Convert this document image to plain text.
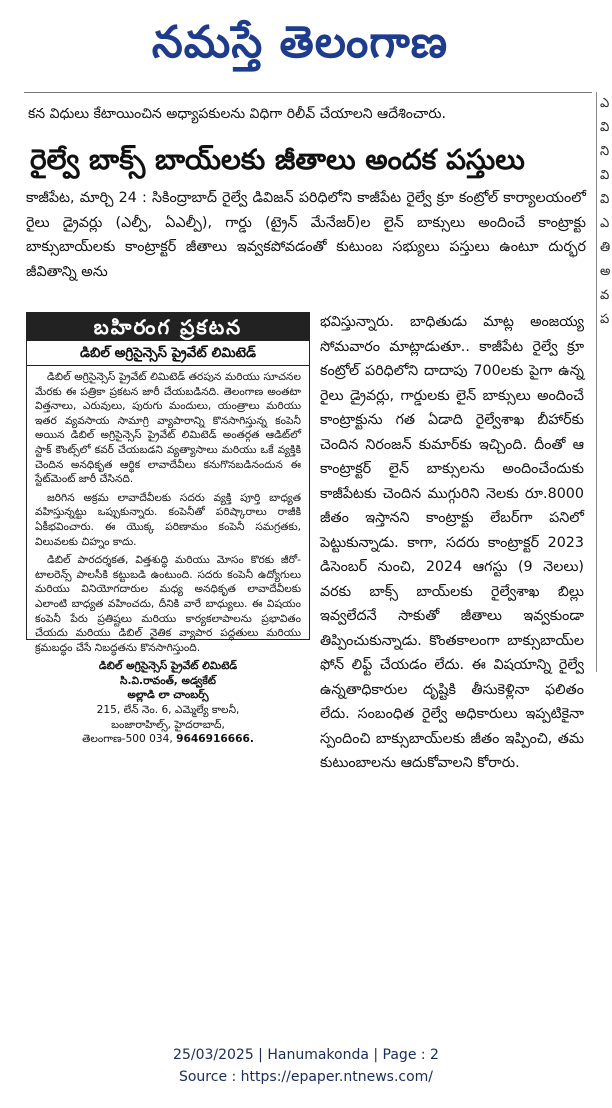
నమస్తే తెలంగాణ
కన విధులు కేటాయించిన అధ్యాపకులను విధిగా రిలీవ్ చేయాలని ఆదేశించారు.
రైల్వే బాక్స్ బాయ్‌లకు జీతాలు అందక పస్తులు

కాజీపేట, మార్చి 24 : సికింద్రాబాద్ రైల్వే డివిజన్ పరిధిలోని కాజీపేట రైల్వే క్రూ కంట్రోల్ కార్యాలయంలో రైలు డ్రైవర్లు (ఎల్పీ, ఏఎల్పీ), గార్డు (ట్రైన్ మేనేజర్)ల లైన్ బాక్సులు అందించే కాంట్రాక్టు బాక్సుబాయ్‌లకు కాంట్రాక్టర్ జీతాలు ఇవ్వకపోవడంతో కుటుంబ సభ్యులు పస్తులు ఉంటూ దుర్భర జీవితాన్ని అను

బహిరంగ ప్రకటన
డిబిల్ అగ్రిసైన్సెస్ ప్రైవేట్ లిమిటెడ్

డిబిల్ అగ్రిసైన్సెస్ ప్రైవేట్ లిమిటెడ్ తరపున మరియు సూచనల మేరకు ఈ పత్రికా ప్రకటన జారీ చేయబడినది. తెలంగాణ అంతటా విత్తనాలు, ఎరువులు, పురుగు మందులు, యంత్రాలు మరియు ఇతర వ్యవసాయ సామాగ్రి వ్యాపారాన్ని కొనసాగిస్తున్న కంపెనీ అయిన డిబిల్ అగ్రిసైన్సెస్ ప్రైవేట్ లిమిటెడ్ అంతర్గత ఆడిట్‌లో స్టాక్ కౌంట్స్‌లో కవర్ చేయబడని వ్యత్యాసాలు మరియు ఒకే వ్యక్తికి చెందిన అనధికృత ఆర్థిక లావాదేవీలు కనుగొనబడినందున ఈ స్టేట్‌మెంట్ జారీ చేసినది.

జరిగిన అక్రమ లావాదేవీలకు సదరు వ్యక్తి పూర్తి బాధ్యత వహిస్తున్నట్టు ఒప్పుకున్నారు. కంపెనీతో పరిష్కారాలు రాజీకి ఏకీభవించారు. ఈ యొక్క పరిణామం కంపెనీ సమగ్రతకు, విలువలకు చిహ్నం కాదు.

డిబిల్ పారదర్శకత, విత్తశుద్ధి మరియు మోసం కొరకు జీరో-టాలరెన్స్ పాలసీకి కట్టుబడి ఉంటుంది. సదరు కంపెనీ ఉద్యోగులు మరియు వినియోగదారుల మధ్య అనధికృత లావాదేవీలకు ఎలాంటి బాధ్యత వహించదు, దీనికి వారే బాధ్యులు. ఈ విషయం కంపెనీ పేరు ప్రతిష్టలు మరియు కార్యకలాపాలను ప్రభావితం చేయదు మరియు డిబిల్ నైతిక వ్యాపార పద్ధతులు మరియు క్రమబద్ధం చేసే నిబద్ధతను కొనసాగిస్తుంది.

డిబిల్ అగ్రిసైన్సెస్ ప్రైవేట్ లిమిటెడ్
సి.వి.రావంత్, అడ్వకేట్
అల్లాడి లా చాంబర్స్
215, లేన్ నెం. 6, ఎమ్మెల్యే కాలనీ,
బంజారాహిల్స్, హైదరాబాద్,
తెలంగాణ-500 034, 9646916666.

భవిస్తున్నారు. బాధితుడు మాట్ల అంజయ్య సోమవారం మాట్లాడుతూ.. కాజీపేట రైల్వే క్రూ కంట్రోల్ పరిధిలోని దాదాపు 700లకు పైగా ఉన్న రైలు డ్రైవర్లు, గార్డులకు లైన్ బాక్సులు అందించే కాంట్రాక్టును గత ఏడాది రైల్వేశాఖ బీహార్‌కు చెందిన నిరంజన్ కుమార్‌కు ఇచ్చింది. దీంతో ఆ కాంట్రాక్టర్ లైన్ బాక్సులను అందించేందుకు కాజీపేటకు చెందిన ముగ్గురిని నెలకు రూ.8000 జీతం ఇస్తానని కాంట్రాక్టు లేబర్‌గా పనిలో పెట్టుకున్నాడు. కాగా, సదరు కాంట్రాక్టర్ 2023 డిసెంబర్ నుంచి, 2024 ఆగస్టు (9 నెలలు) వరకు బాక్స్ బాయ్‌లకు రైల్వేశాఖ బిల్లు ఇవ్వలేదనే సాకుతో జీతాలు ఇవ్వకుండా తిప్పించుకున్నాడు. కొంతకాలంగా బాక్సుబాయ్‌ల ఫోన్ లిఫ్ట్ చేయడం లేదు. ఈ విషయాన్ని రైల్వే ఉన్నతాధికారుల దృష్టికి తీసుకెళ్లినా ఫలితం లేదు. సంబంధిత రైల్వే అధికారులు ఇప్పటికైనా స్పందించి బాక్సుబాయ్‌లకు జీతం ఇప్పించి, తమ కుటుంబాలను ఆదుకోవాలని కోరారు.

ఎ
వి
ని
వి
వి
ఎ
తి
అ
వ
ప
25/03/2025 | Hanumakonda | Page : 2
Source : https://epaper.ntnews.com/
